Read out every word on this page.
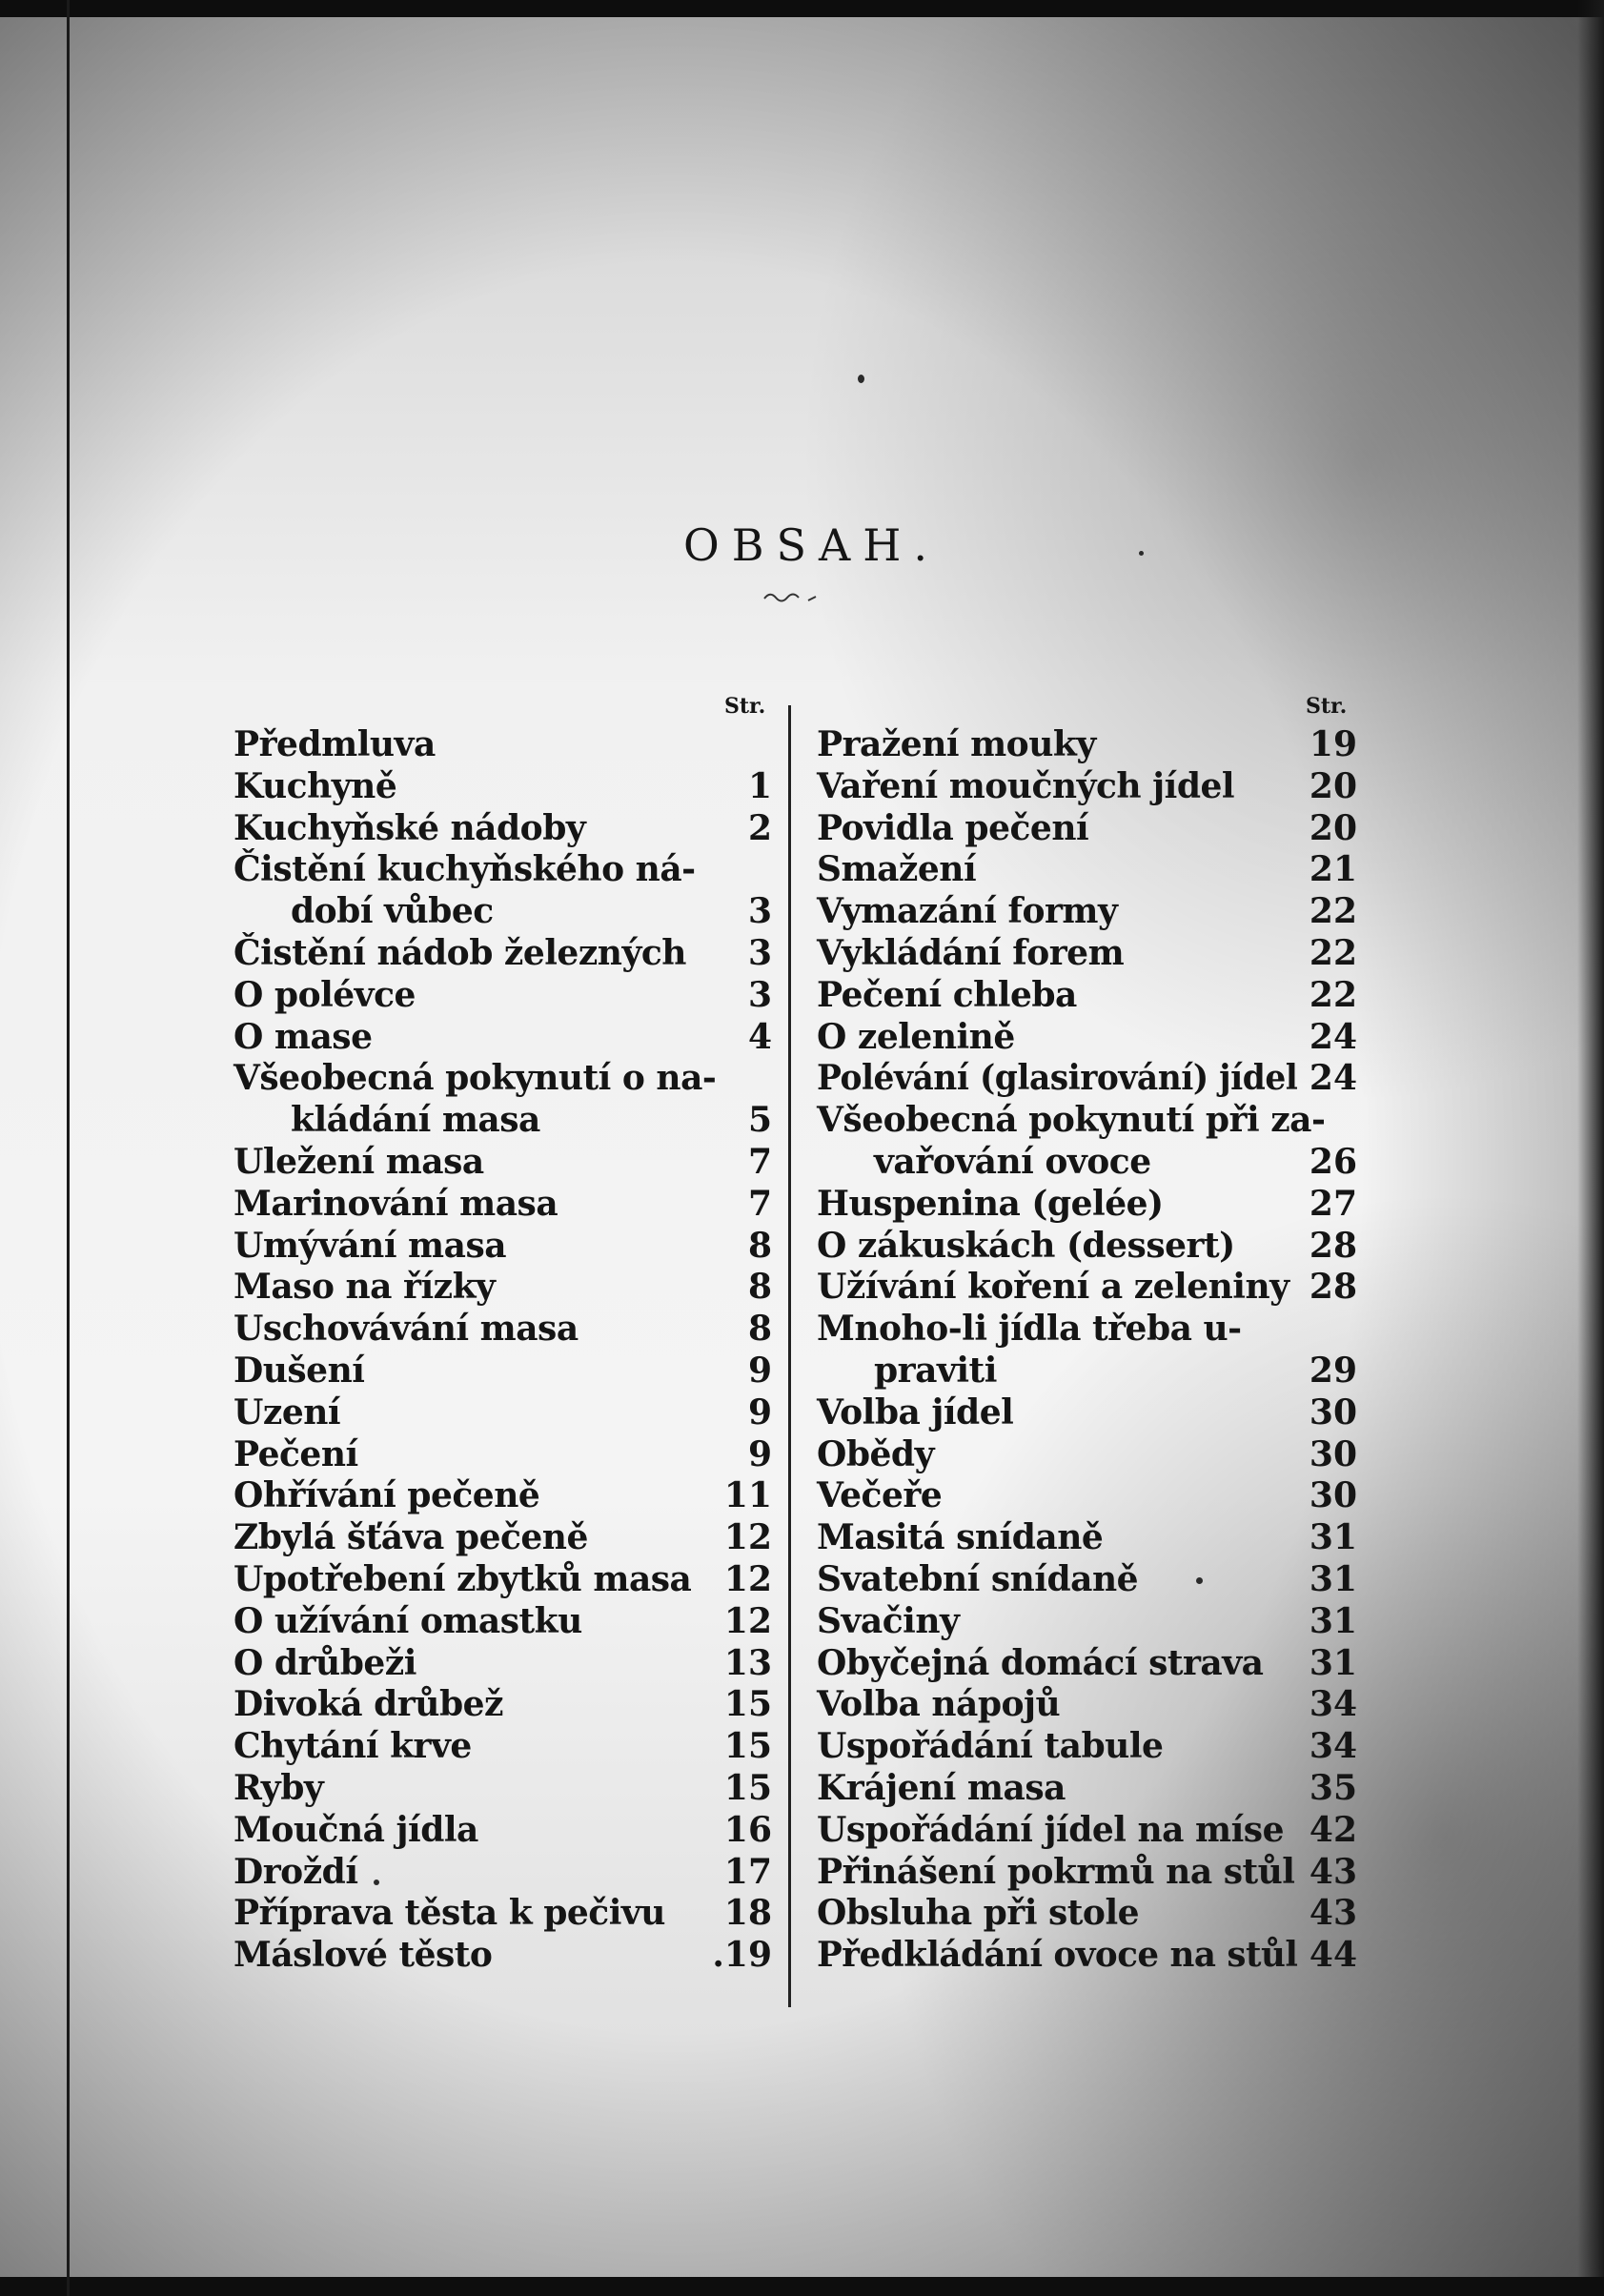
OBSAH.
Str.	Str.
Předmluva
Kuchyně	1
Kuchyňské nádoby	2
Čistění kuchyňského ná-
dobí vůbec	3
Čistění nádob železných 3
O polévce	3
O mase	4
Všeobecná pokynutí o na-
kládání masa	5
Uležení masa	7
Marinování masa	7
Umývání masa	8
Maso na řízky	8
Uschovávání masa	8
Dušení	9
Uzení	9
Pečení	9
Ohřívání pečeně	11
Zbylá šťáva pečeně	12
Upotřebení zbytků masa 12
O užívání omastku	12
O drůbeži	13
Divoká drůbež	15
Chytání krve	15
Ryby	15
Moučná jídla	16
Droždí	17
Příprava těsta k pečivu 18
Máslové těsto	.19
Pražení mouky	19
Vaření moučných jídel 20
Povidla pečení	20
Smažení	21
Vymazání formy	22
Vykládání forem	22
Pečení chleba	22
O zelenině	24
Polévání (glasirování) jídel 24
Všeobecná pokynutí při za-
vařování ovoce	26
Huspenina (gelée)	27
O zákuskách (dessert) 28
Užívání koření a zeleniny 28
Mnoho-li jídla třeba u-
praviti	29
Volba jídel	30
Obědy	30
Večeře	30
Masitá snídaně	31
Svatební snídaně	31
Svačiny	31
Obyčejná domácí strava 31
Volba nápojů	34
Uspořádání tabule	34
Krájení masa	35
Uspořádání jídel na míse 42
Přinášení pokrmů na stůl 43
Obsluha při stole	43
Předkládání ovoce na stůl 44
